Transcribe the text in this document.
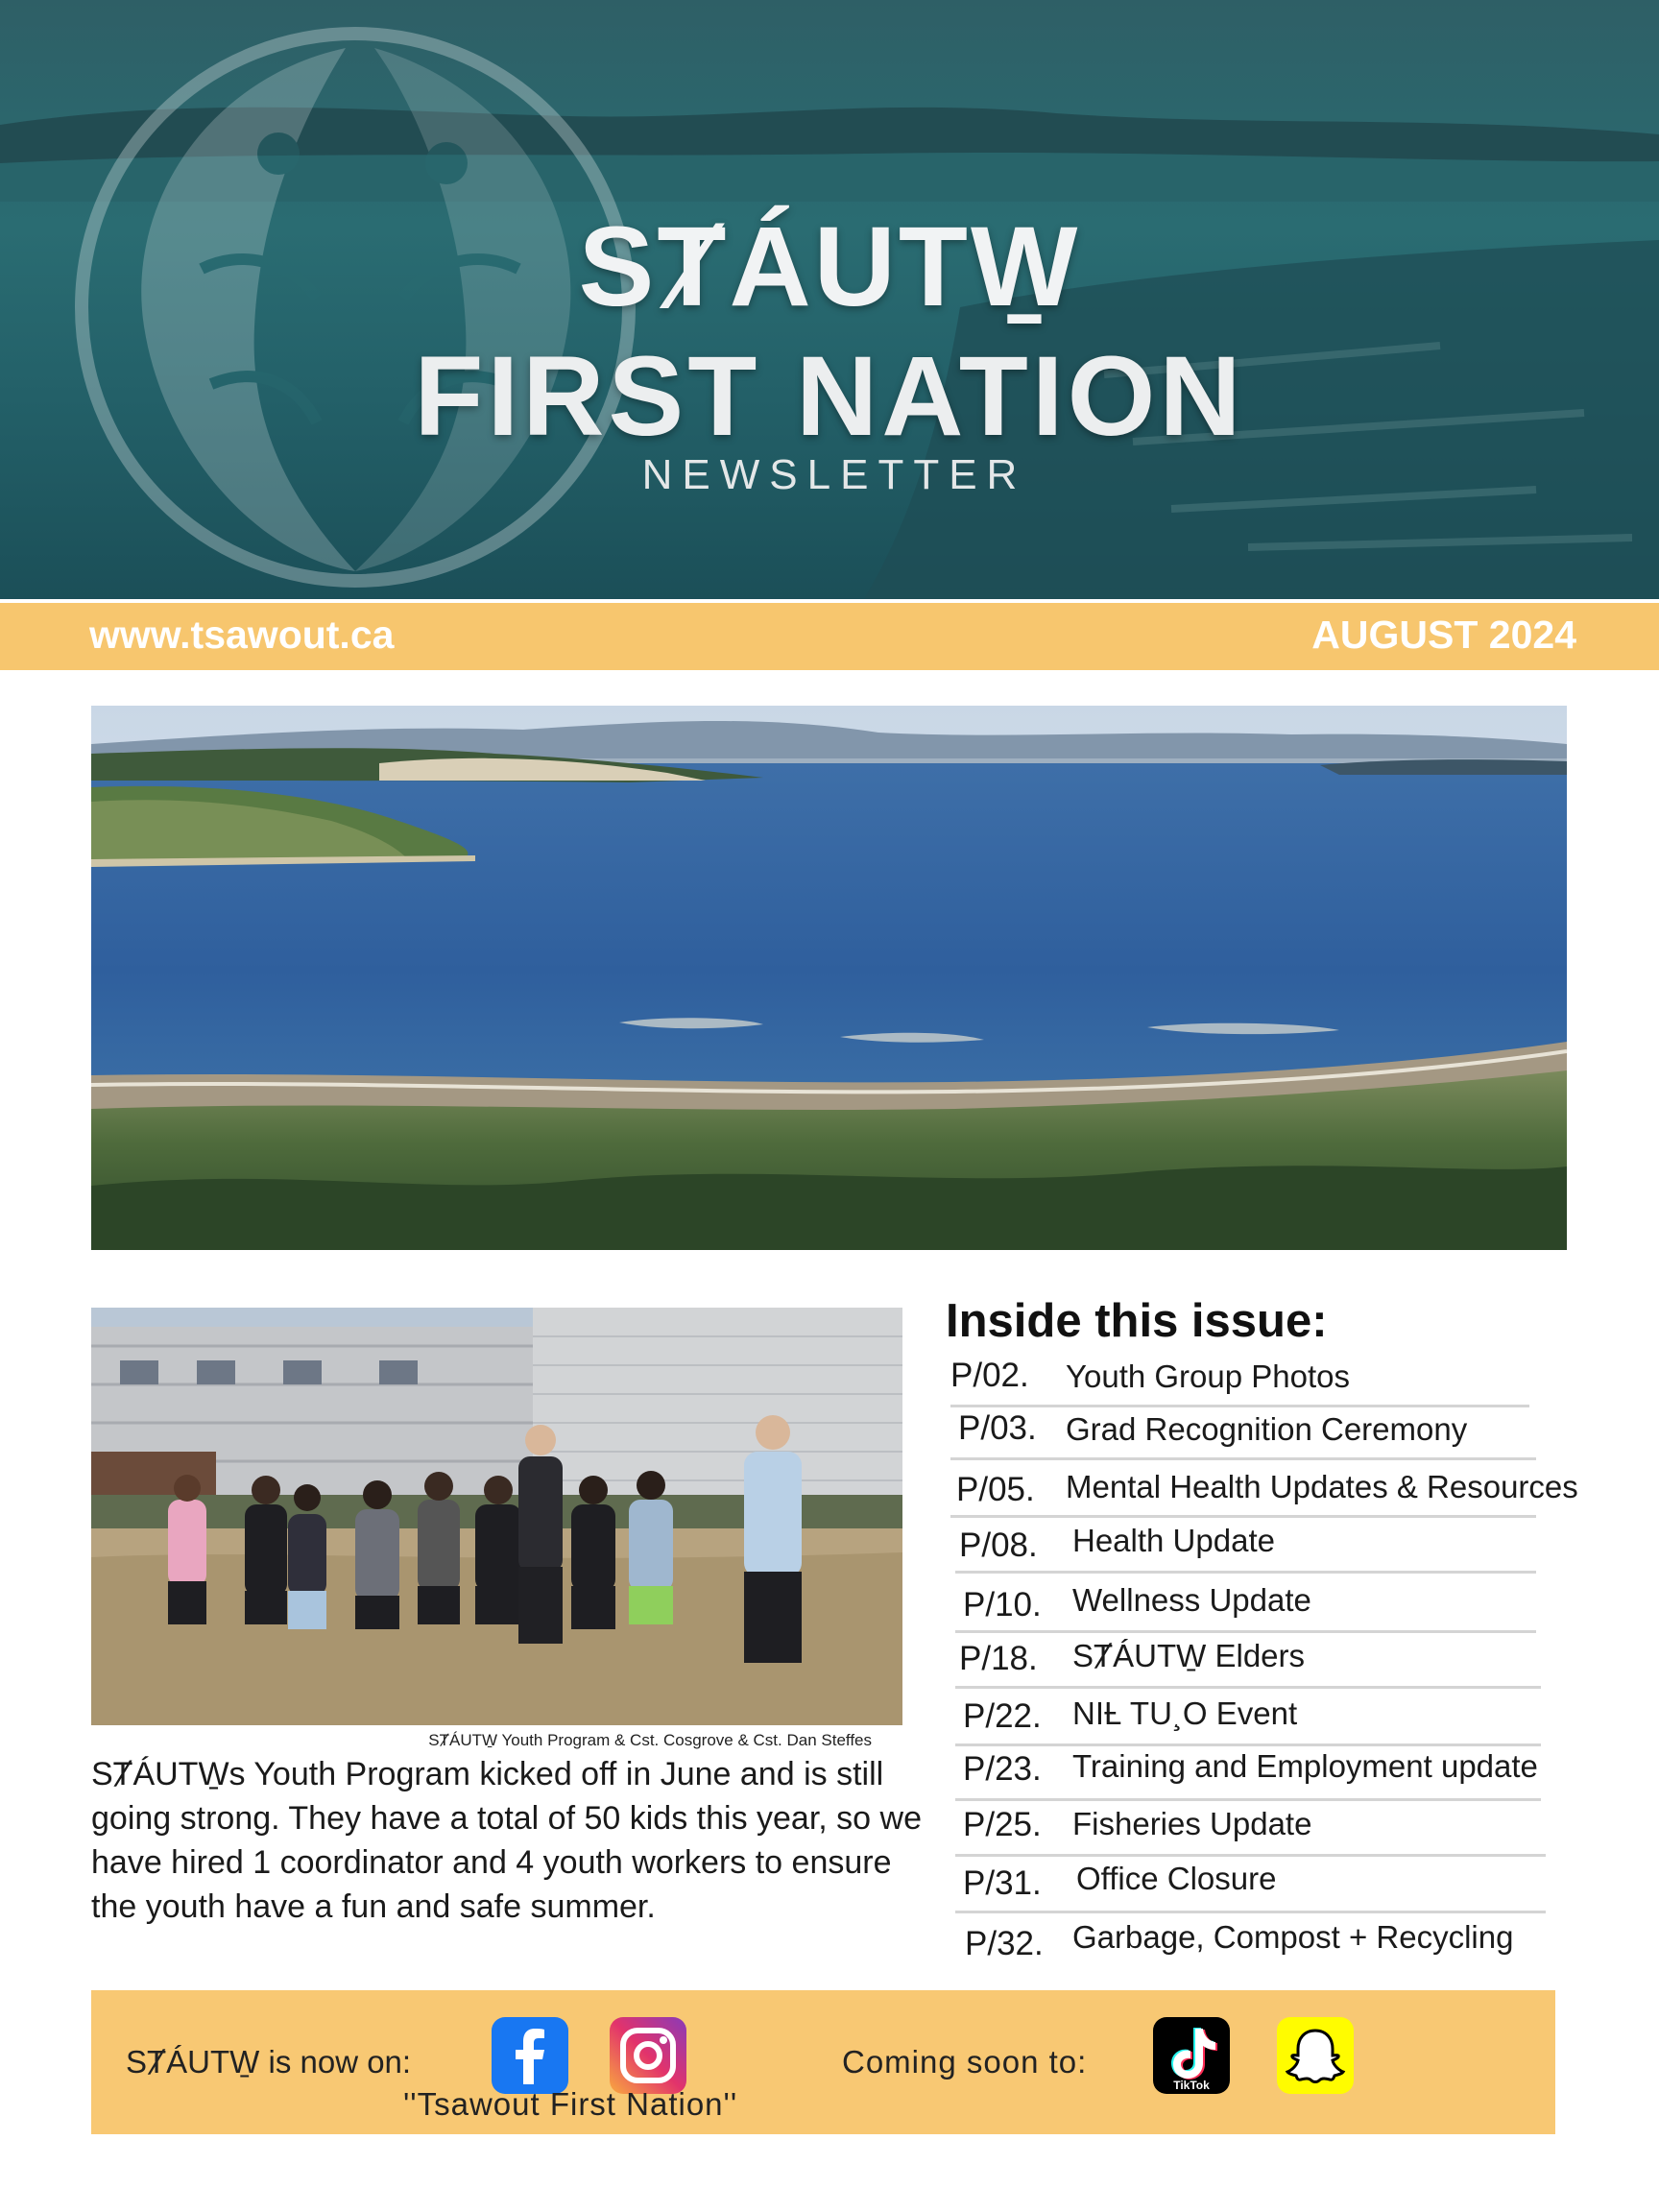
SȾÁUTW̱
FIRST NATION
NEWSLETTER
www.tsawout.ca	AUGUST 2024
SȾÁUTW̱ Youth Program & Cst. Cosgrove & Cst. Dan Steffes
SȾÁUTW̱s Youth Program kicked off in June and is still going strong. They have a total of 50 kids this year, so we have hired 1 coordinator and 4 youth workers to ensure the youth have a fun and safe summer.
Inside this issue:
P/02. Youth Group Photos
P/03. Grad Recognition Ceremony
P/05. Mental Health Updates & Resources
P/08. Health Update
P/10. Wellness Update
P/18. SȾÁUTW̱ Elders
P/22. NIȽ TU¸O Event
P/23. Training and Employment update
P/25. Fisheries Update
P/31. Office Closure
P/32. Garbage, Compost + Recycling
SȾÁUTW̱ is now on:
''Tsawout First Nation''
Coming soon to:
TikTok
